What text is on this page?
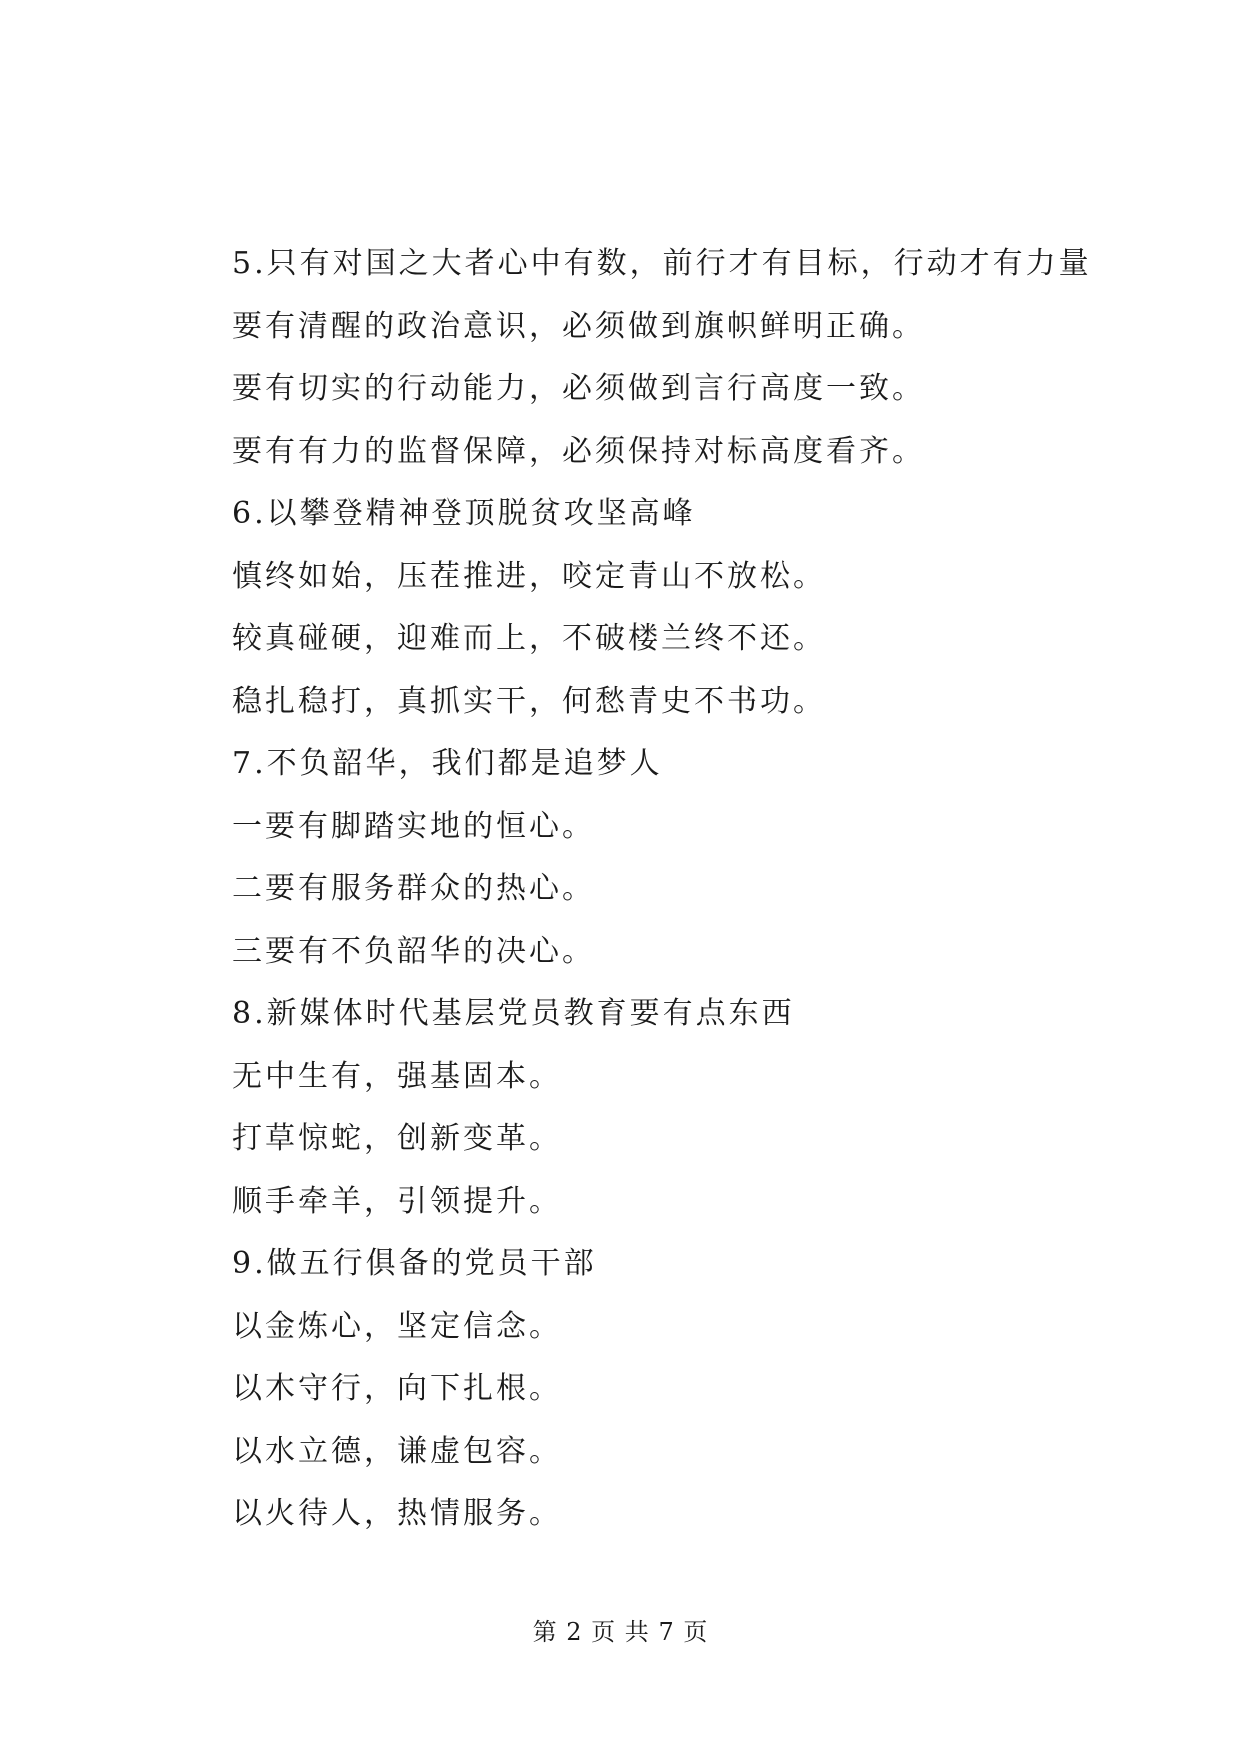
5.只有对国之大者心中有数，前行才有目标，行动才有力量
要有清醒的政治意识，必须做到旗帜鲜明正确。
要有切实的行动能力，必须做到言行高度一致。
要有有力的监督保障，必须保持对标高度看齐。
6.以攀登精神登顶脱贫攻坚高峰
慎终如始，压茬推进，咬定青山不放松。
较真碰硬，迎难而上，不破楼兰终不还。
稳扎稳打，真抓实干，何愁青史不书功。
7.不负韶华，我们都是追梦人
一要有脚踏实地的恒心。
二要有服务群众的热心。
三要有不负韶华的决心。
8.新媒体时代基层党员教育要有点东西
无中生有，强基固本。
打草惊蛇，创新变革。
顺手牵羊，引领提升。
9.做五行俱备的党员干部
以金炼心，坚定信念。
以木守行，向下扎根。
以水立德，谦虚包容。
以火待人，热情服务。
第 2 页 共 7 页
